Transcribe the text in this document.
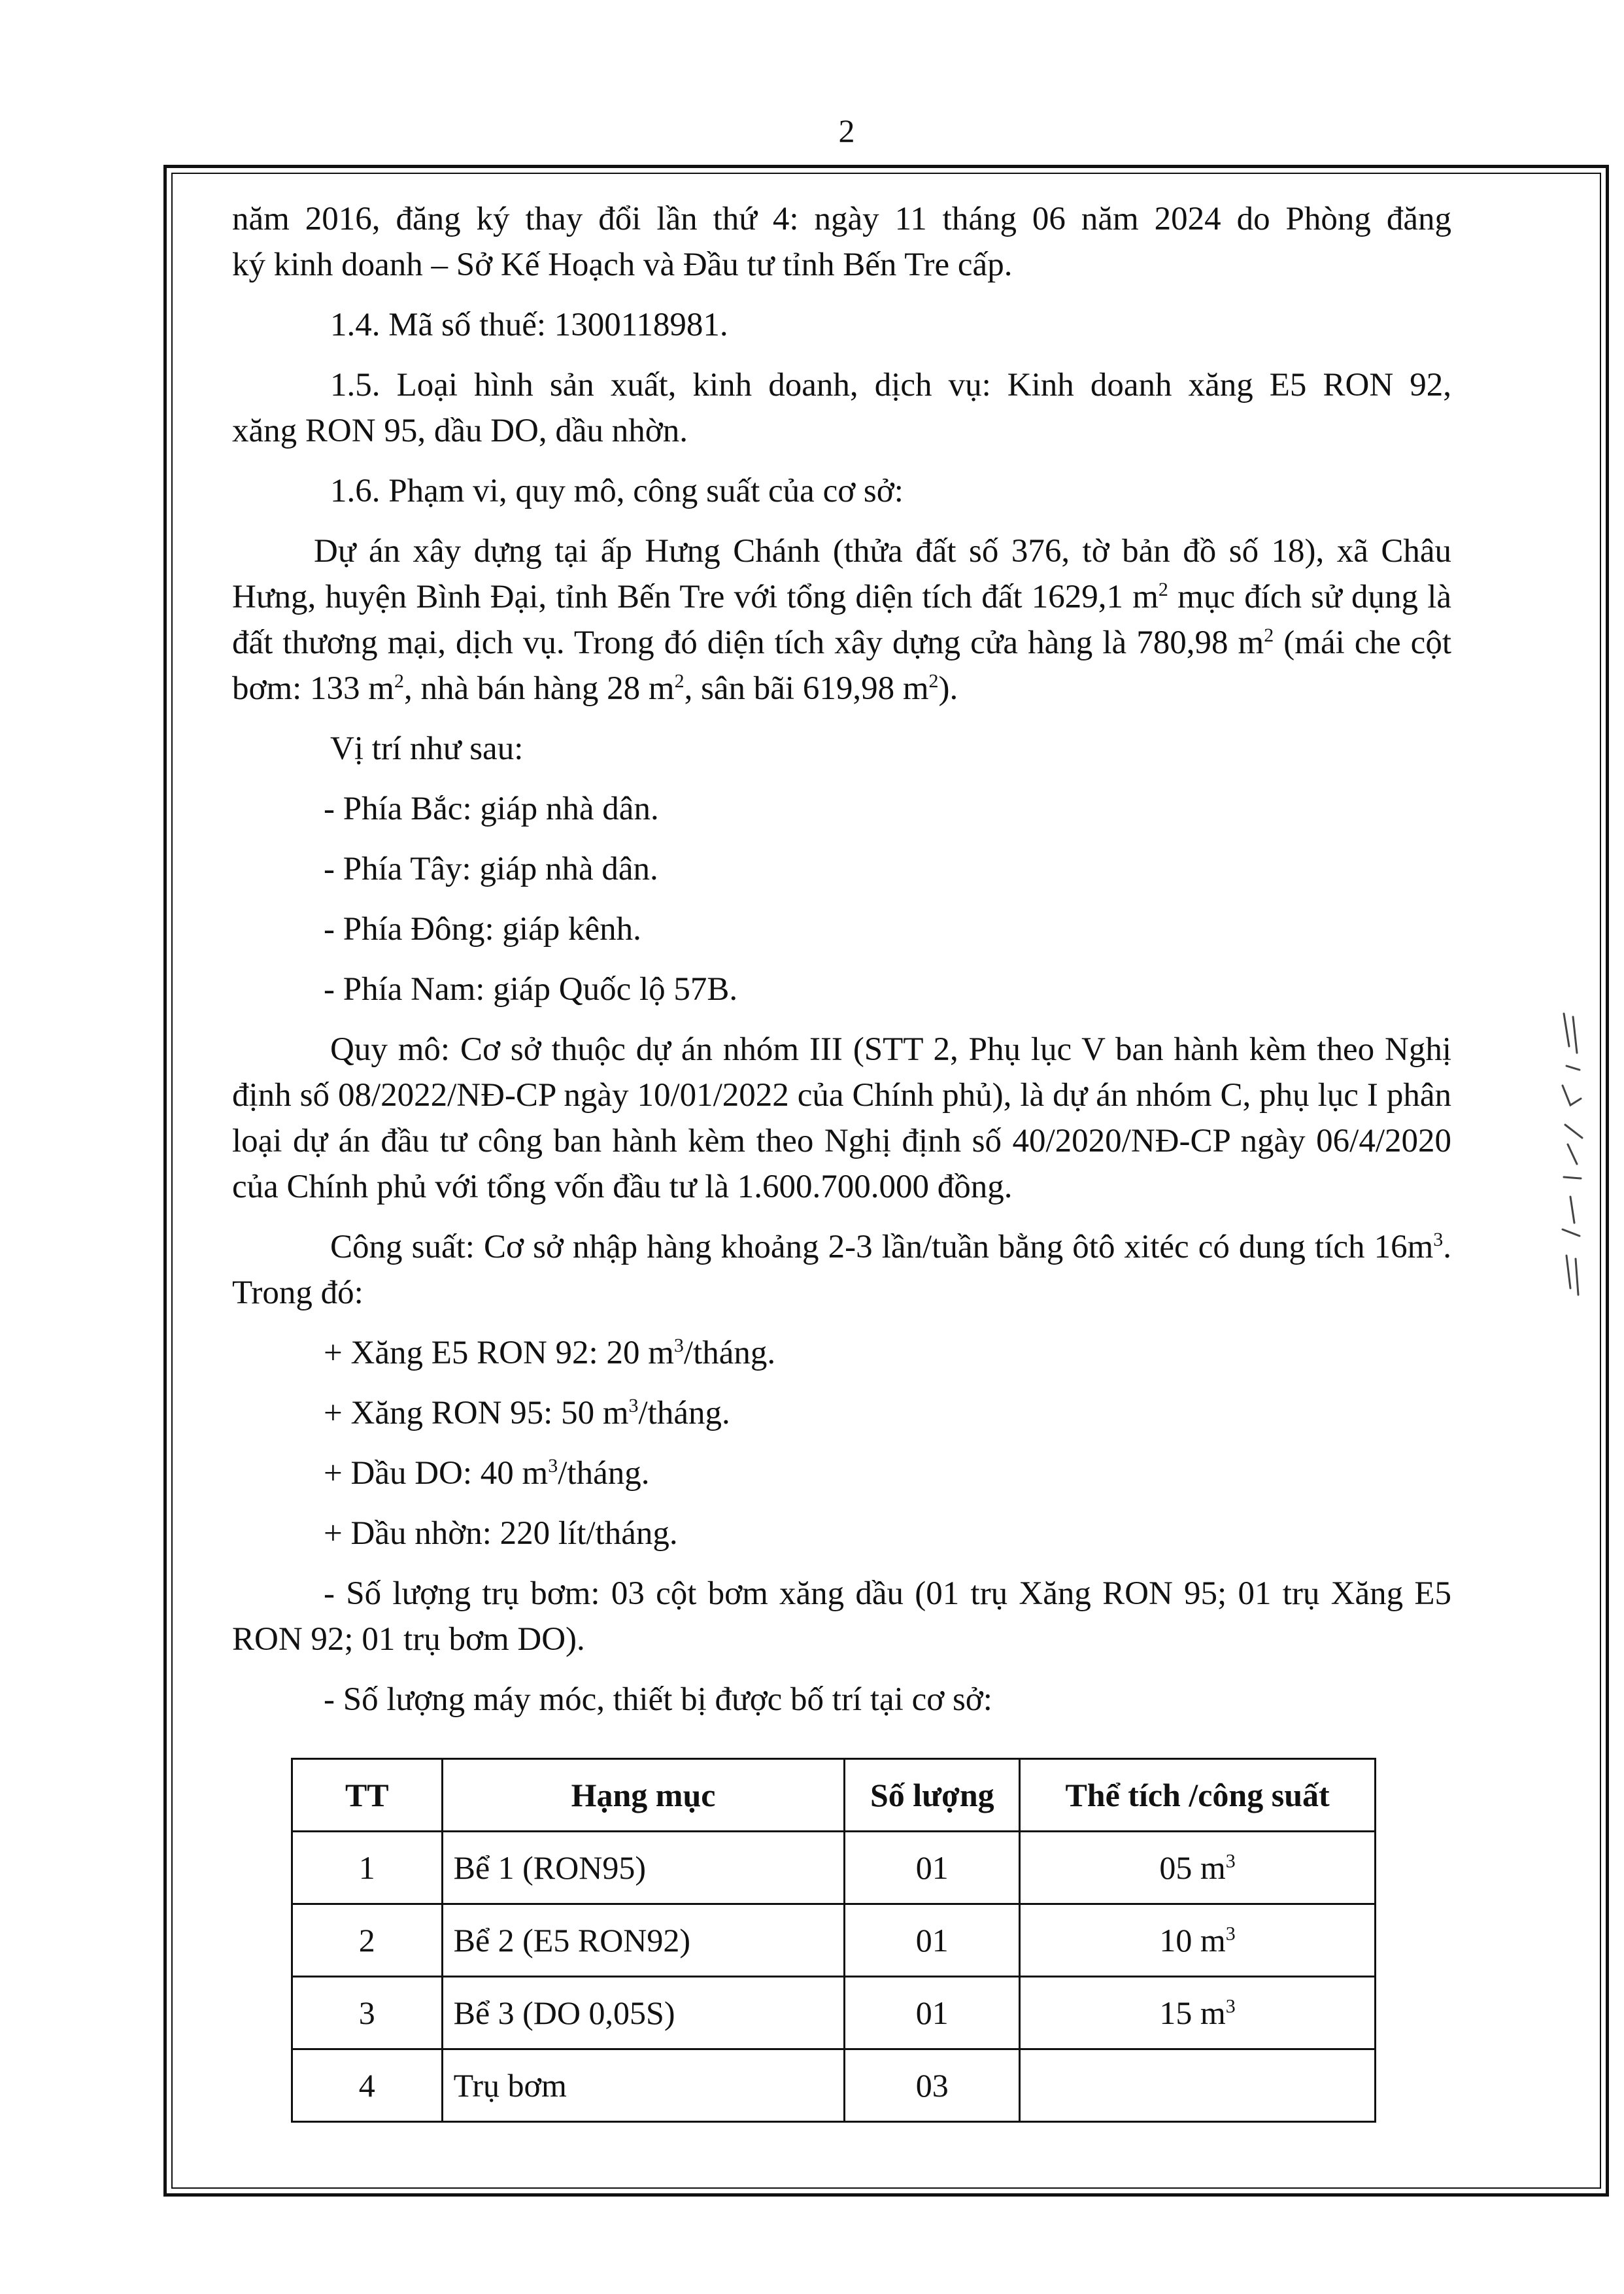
2

năm 2016, đăng ký thay đổi lần thứ 4: ngày 11 tháng 06 năm 2024 do Phòng đăng

ký kinh doanh – Sở Kế Hoạch và Đầu tư tỉnh Bến Tre cấp.

1.4. Mã số thuế: 1300118981.

1.5. Loại hình sản xuất, kinh doanh, dịch vụ: Kinh doanh xăng E5 RON 92,

xăng RON 95, dầu DO, dầu nhờn.

1.6. Phạm vi, quy mô, công suất của cơ sở:

Dự án xây dựng tại ấp Hưng Chánh (thửa đất số 376, tờ bản đồ số 18), xã Châu Hưng, huyện Bình Đại, tỉnh Bến Tre với tổng diện tích đất 1629,1 $m^2$ mục đích sử dụng là đất thương mại, dịch vụ. Trong đó diện tích xây dựng cửa hàng là 780,98 $m^2$ (mái che cột bơm: 133 $m^2$, nhà bán hàng 28 $m^2$, sân bãi 619,98 $m^2$).

Vị trí như sau:

- Phía Bắc: giáp nhà dân.

- Phía Tây: giáp nhà dân.

- Phía Đông: giáp kênh.

- Phía Nam: giáp Quốc lộ 57B.

Quy mô: Cơ sở thuộc dự án nhóm III (STT 2, Phụ lục V ban hành kèm theo Nghị định số 08/2022/NĐ-CP ngày 10/01/2022 của Chính phủ), là dự án nhóm C, phụ lục I phân loại dự án đầu tư công ban hành kèm theo Nghị định số 40/2020/NĐ-CP ngày 06/4/2020 của Chính phủ với tổng vốn đầu tư là 1.600.700.000 đồng.

Công suất: Cơ sở nhập hàng khoảng 2-3 lần/tuần bằng ôtô xitéc có dung tích $16m^3$. Trong đó:

+ Xăng E5 RON 92: 20 $m^3$/tháng.

+ Xăng RON 95: 50 $m^3$/tháng.

+ Dầu DO: 40 $m^3$/tháng.

+ Dầu nhờn: 220 lít/tháng.

- Số lượng trụ bơm: 03 cột bơm xăng dầu (01 trụ Xăng RON 95; 01 trụ Xăng E5 RON 92; 01 trụ bơm DO).

- Số lượng máy móc, thiết bị được bố trí tại cơ sở:

TT	Hạng mục	Số lượng	Thể tích /công suất
1	Bể 1 (RON95)	01	05 $m^3$
2	Bể 2 (E5 RON92)	01	10 $m^3$
3	Bể 3 (DO 0,05S)	01	15 $m^3$
4	Trụ bơm	03	
